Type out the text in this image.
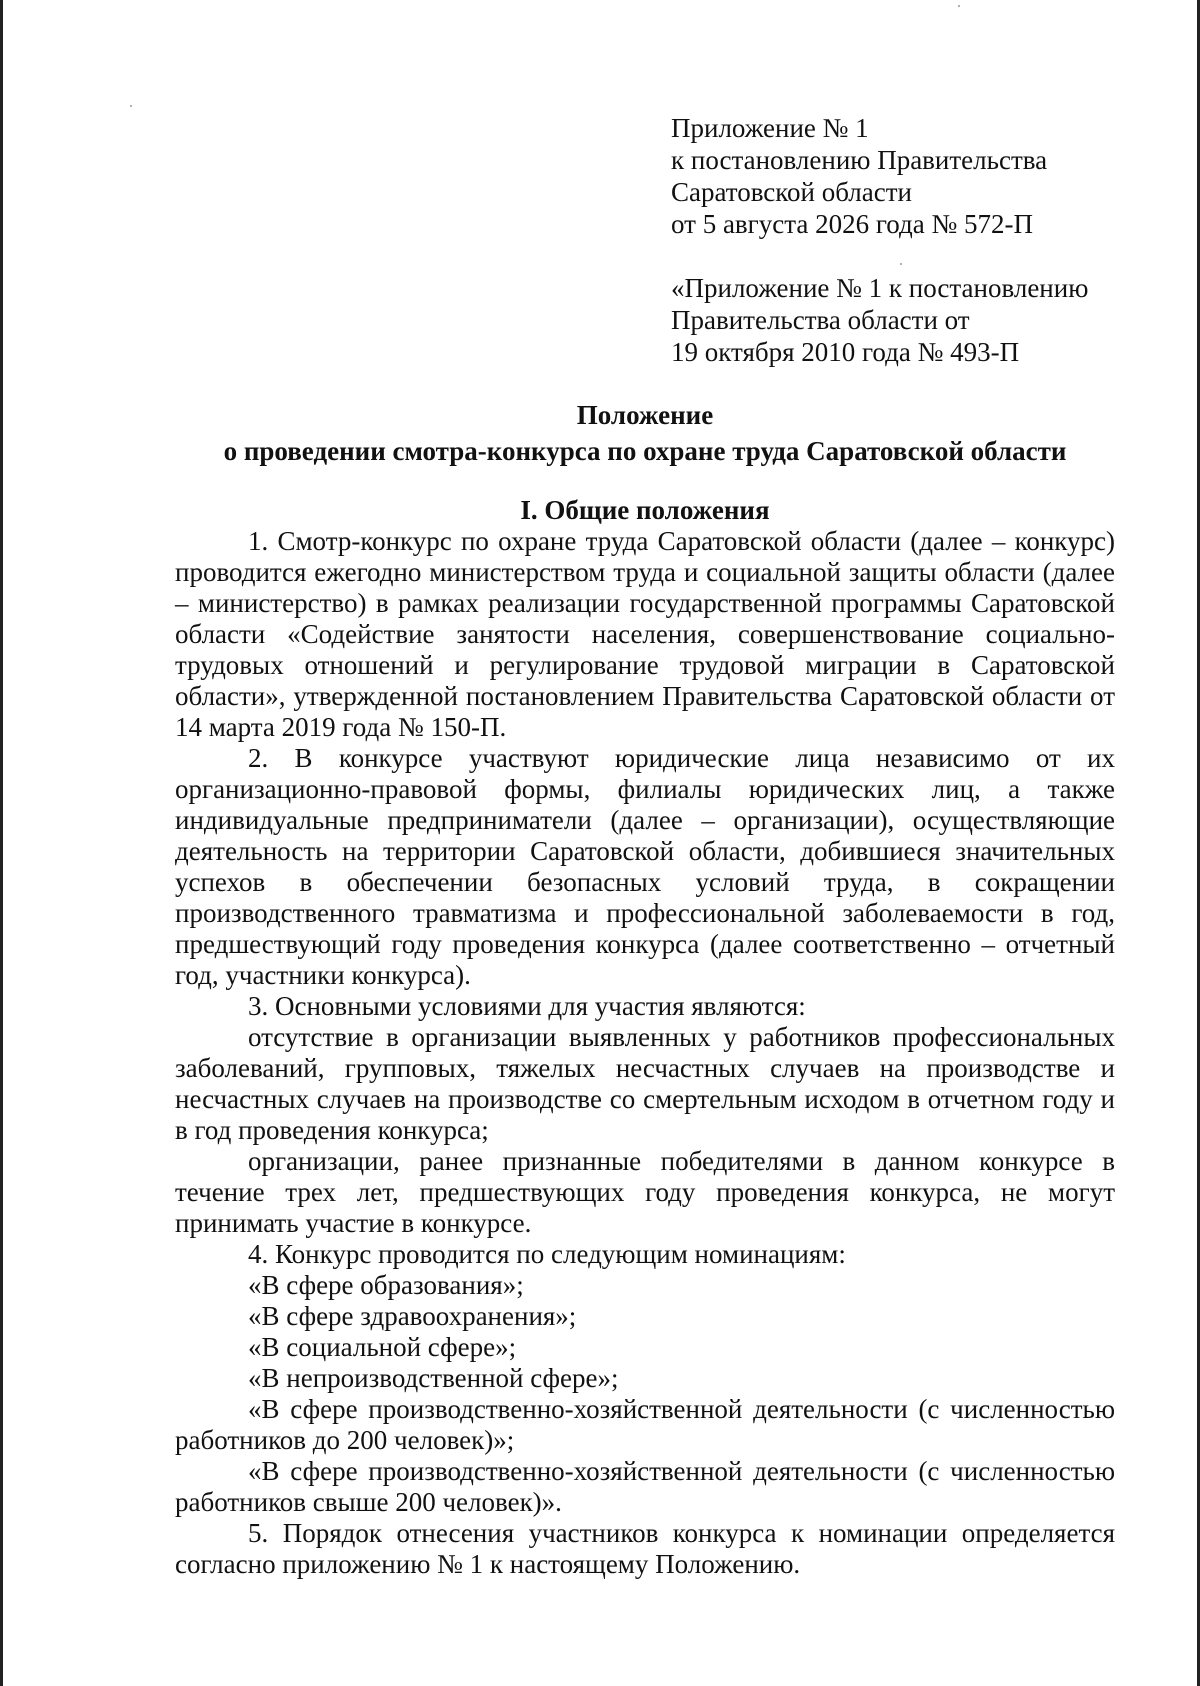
Приложение № 1

к постановлению Правительства

Саратовской области

от 5 августа 2026 года № 572-П

«Приложение № 1 к постановлению

Правительства области от

19 октября 2010 года № 493-П

Положение

о проведении смотра-конкурса по охране труда Саратовской области

I. Общие положения

1. Смотр-конкурс по охране труда Саратовской области (далее – конкурс) проводится ежегодно министерством труда и социальной защиты области (далее – министерство) в рамках реализации государственной программы Саратовской области «Содействие занятости населения, совершенствование социально-трудовых отношений и регулирование трудовой миграции в Саратовской области», утвержденной постановлением Правительства Саратовской области от 14 марта 2019 года № 150-П.

2. В конкурсе участвуют юридические лица независимо от их организационно-правовой формы, филиалы юридических лиц, а также индивидуальные предприниматели (далее – организации), осуществляющие деятельность на территории Саратовской области, добившиеся значительных успехов в обеспечении безопасных условий труда, в сокращении производственного травматизма и профессиональной заболеваемости в год, предшествующий году проведения конкурса (далее соответственно – отчетный год, участники конкурса).

3. Основными условиями для участия являются:

отсутствие в организации выявленных у работников профессиональных заболеваний, групповых, тяжелых несчастных случаев на производстве и несчастных случаев на производстве со смертельным исходом в отчетном году и в год проведения конкурса;

организации, ранее признанные победителями в данном конкурсе в течение трех лет, предшествующих году проведения конкурса, не могут принимать участие в конкурсе.

4. Конкурс проводится по следующим номинациям:

«В сфере образования»;

«В сфере здравоохранения»;

«В социальной сфере»;

«В непроизводственной сфере»;

«В сфере производственно-хозяйственной деятельности (с численностью работников до 200 человек)»;

«В сфере производственно-хозяйственной деятельности (с численностью работников свыше 200 человек)».

5. Порядок отнесения участников конкурса к номинации определяется согласно приложению № 1 к настоящему Положению.
